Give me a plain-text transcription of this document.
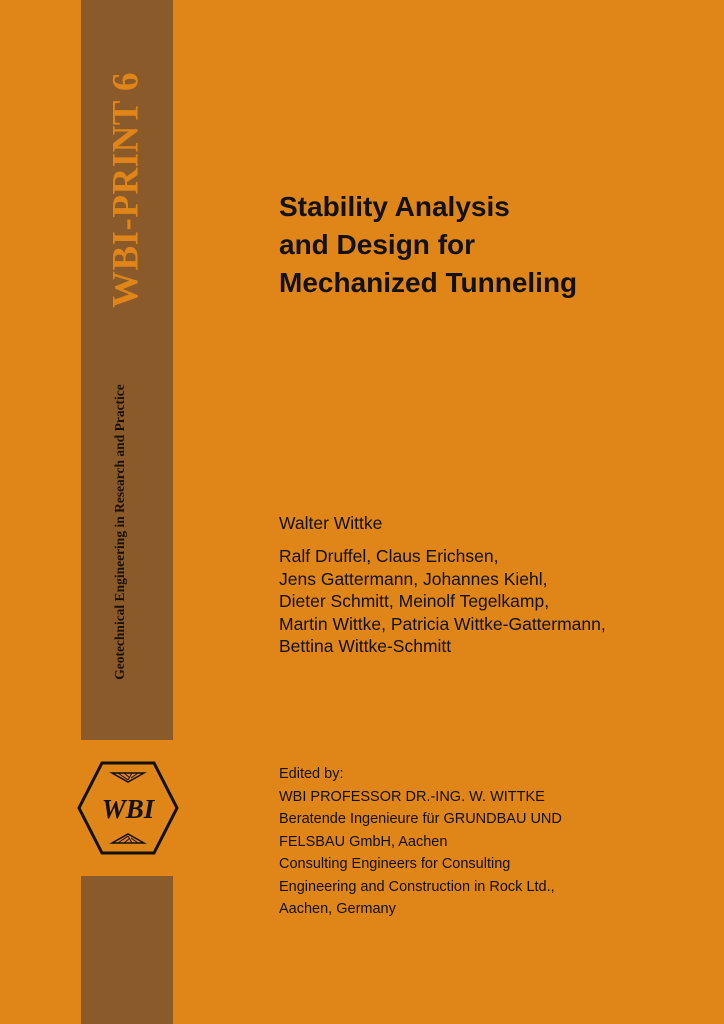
WBI-PRINT 6
Geotechnical Engineering in Research and Practice
WBI
Stability Analysis
and Design for
Mechanized Tunneling
Walter Wittke
Ralf Druffel, Claus Erichsen,
Jens Gattermann, Johannes Kiehl,
Dieter Schmitt, Meinolf Tegelkamp,
Martin Wittke, Patricia Wittke-Gattermann,
Bettina Wittke-Schmitt
Edited by:
WBI PROFESSOR DR.-ING. W. WITTKE
Beratende Ingenieure für GRUNDBAU UND
FELSBAU GmbH, Aachen
Consulting Engineers for Consulting
Engineering and Construction in Rock Ltd.,
Aachen, Germany
